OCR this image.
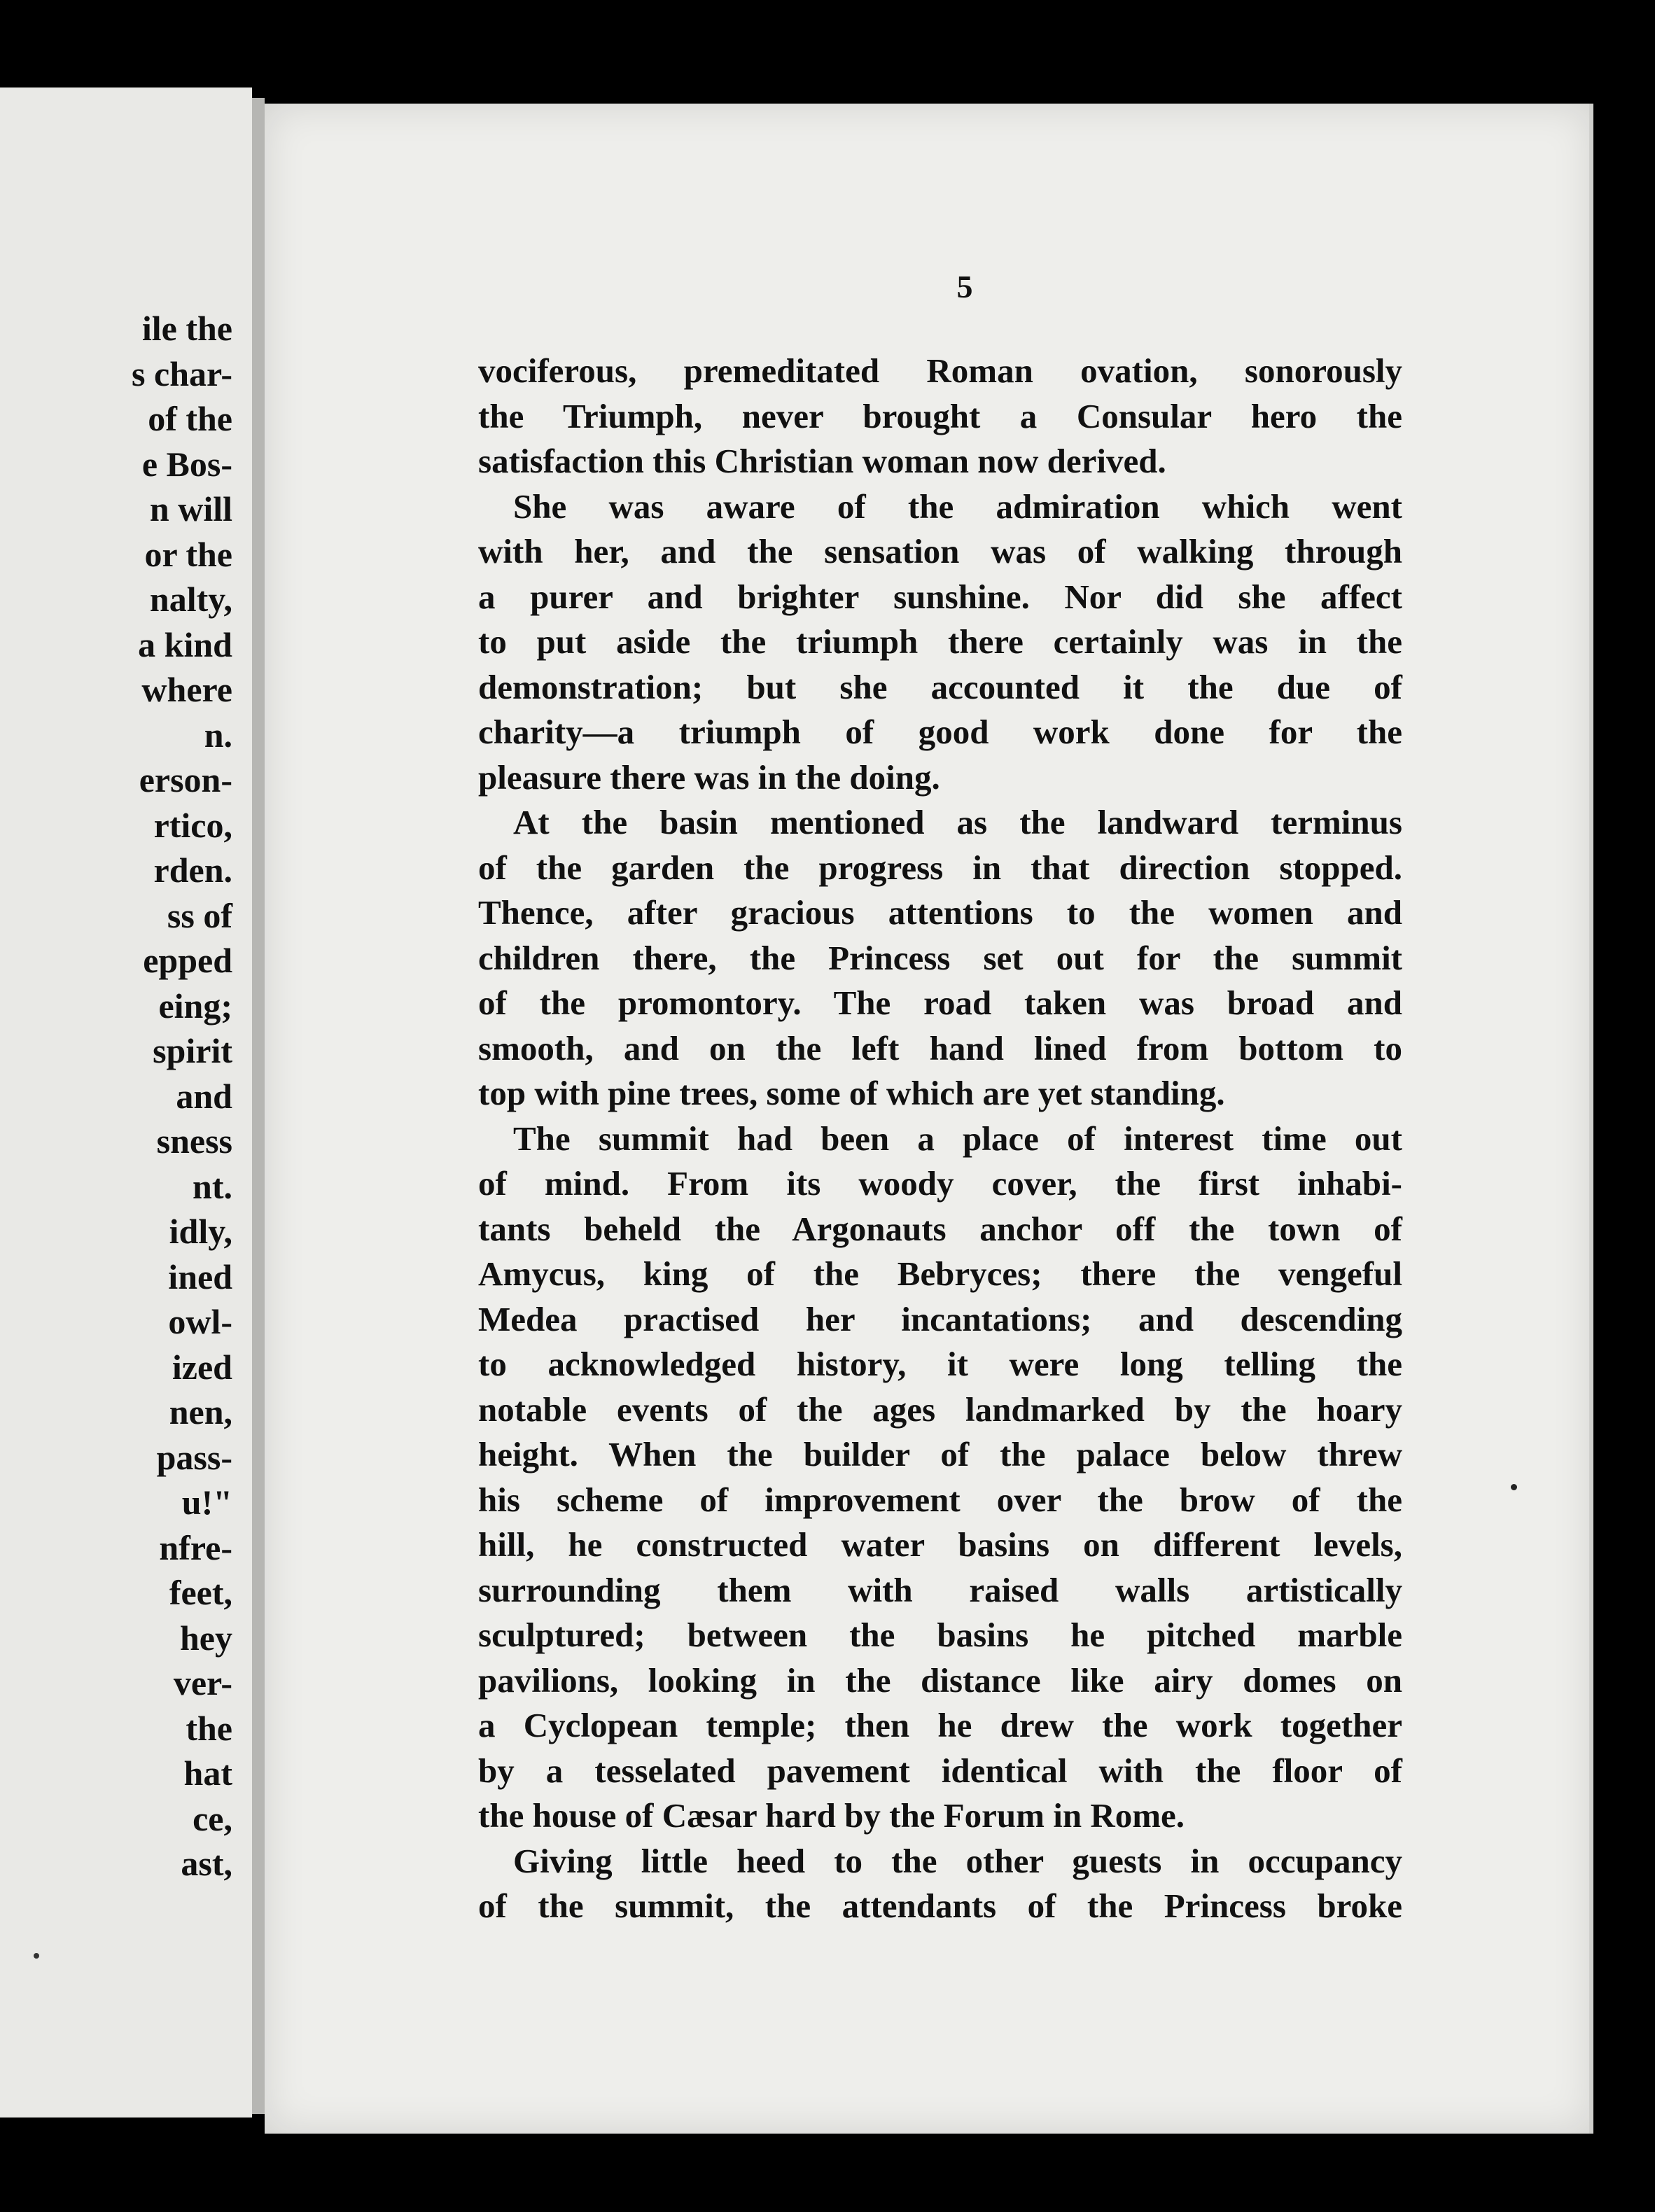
ile the
s char-
of the
e Bos-
n will
or the
nalty,
a kind
where
n.
erson-
rtico,
rden.
ss of
epped
eing;
spirit
and
sness
nt.
idly,
ined
owl-
ized
nen,
pass-
u!"
nfre-
feet,
hey
ver-
the
hat
ce,
ast,
5
vociferous, premeditated Roman ovation, sonorously
the Triumph, never brought a Consular hero the
satisfaction this Christian woman now derived.
She was aware of the admiration which went
with her, and the sensation was of walking through
a purer and brighter sunshine. Nor did she affect
to put aside the triumph there certainly was in the
demonstration; but she accounted it the due of
charity—a triumph of good work done for the
pleasure there was in the doing.
At the basin mentioned as the landward terminus
of the garden the progress in that direction stopped.
Thence, after gracious attentions to the women and
children there, the Princess set out for the summit
of the promontory. The road taken was broad and
smooth, and on the left hand lined from bottom to
top with pine trees, some of which are yet standing.
The summit had been a place of interest time out
of mind. From its woody cover, the first inhabi-
tants beheld the Argonauts anchor off the town of
Amycus, king of the Bebryces; there the vengeful
Medea practised her incantations; and descending
to acknowledged history, it were long telling the
notable events of the ages landmarked by the hoary
height. When the builder of the palace below threw
his scheme of improvement over the brow of the
hill, he constructed water basins on different levels,
surrounding them with raised walls artistically
sculptured; between the basins he pitched marble
pavilions, looking in the distance like airy domes on
a Cyclopean temple; then he drew the work together
by a tesselated pavement identical with the floor of
the house of Cæsar hard by the Forum in Rome.
Giving little heed to the other guests in occupancy
of the summit, the attendants of the Princess broke
